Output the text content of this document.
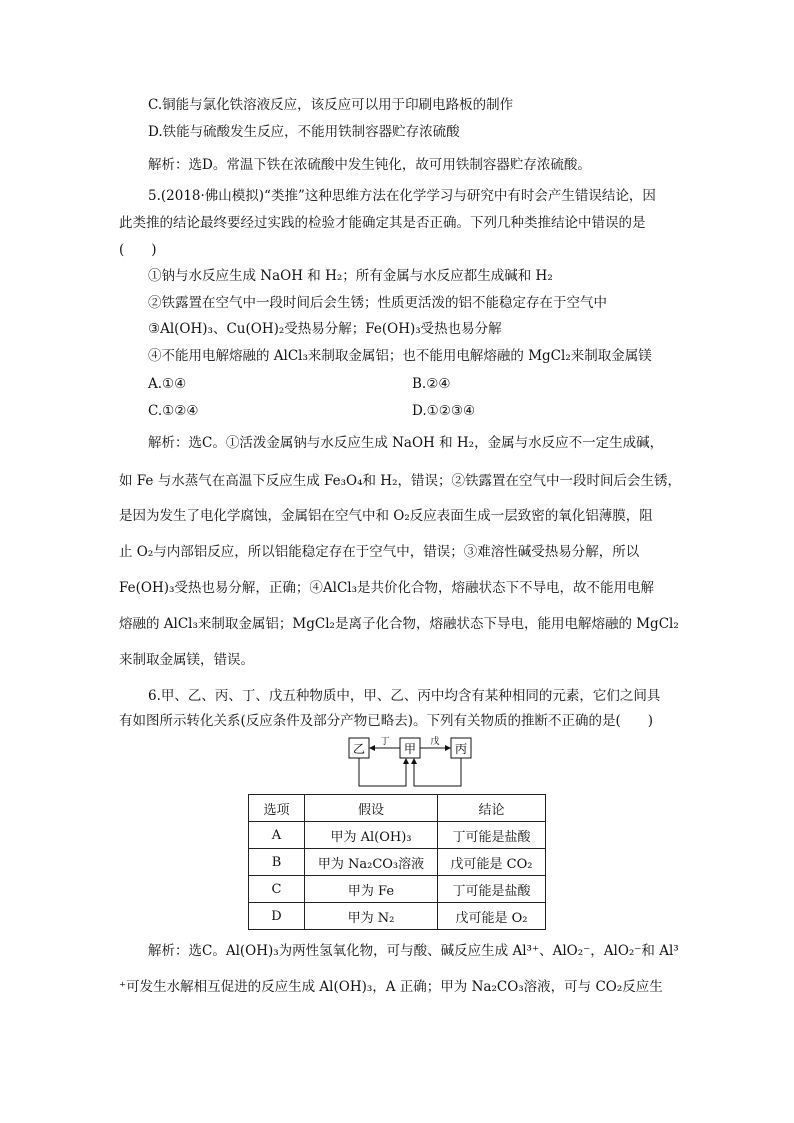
C.铜能与氯化铁溶液反应，该反应可以用于印刷电路板的制作
D.铁能与硫酸发生反应，不能用铁制容器贮存浓硫酸
解析：选D。常温下铁在浓硫酸中发生钝化，故可用铁制容器贮存浓硫酸。
5.(2018·佛山模拟)“类推”这种思维方法在化学学习与研究中有时会产生错误结论，因
此类推的结论最终要经过实践的检验才能确定其是否正确。下列几种类推结论中错误的是
(　　)
①钠与水反应生成 NaOH 和 H₂；所有金属与水反应都生成碱和 H₂
②铁露置在空气中一段时间后会生锈；性质更活泼的铝不能稳定存在于空气中
③Al(OH)₃、Cu(OH)₂受热易分解；Fe(OH)₃受热也易分解
④不能用电解熔融的 AlCl₃来制取金属铝；也不能用电解熔融的 MgCl₂来制取金属镁
A.①④	B.②④
C.①②④	D.①②③④
解析：选C。①活泼金属钠与水反应生成 NaOH 和 H₂，金属与水反应不一定生成碱，
如 Fe 与水蒸气在高温下反应生成 Fe₃O₄和 H₂，错误；②铁露置在空气中一段时间后会生锈，
是因为发生了电化学腐蚀，金属铝在空气中和 O₂反应表面生成一层致密的氧化铝薄膜，阻
止 O₂与内部铝反应，所以铝能稳定存在于空气中，错误；③难溶性碱受热易分解，所以
Fe(OH)₃受热也易分解，正确；④AlCl₃是共价化合物，熔融状态下不导电，故不能用电解
熔融的 AlCl₃来制取金属铝；MgCl₂是离子化合物，熔融状态下导电，能用电解熔融的 MgCl₂
来制取金属镁，错误。
6.甲、乙、丙、丁、戊五种物质中，甲、乙、丙中均含有某种相同的元素，它们之间具
有如图所示转化关系(反应条件及部分产物已略去)。下列有关物质的推断不正确的是(　　)
乙	甲	丙
丁	戊
选项	假设	结论
A	甲为 Al(OH)₃	丁可能是盐酸
B	甲为 Na₂CO₃溶液	戊可能是 CO₂
C	甲为 Fe	丁可能是盐酸
D	甲为 N₂	戊可能是 O₂
解析：选C。Al(OH)₃为两性氢氧化物，可与酸、碱反应生成 Al³⁺、AlO₂⁻，AlO₂⁻和 Al³
⁺可发生水解相互促进的反应生成 Al(OH)₃，A 正确；甲为 Na₂CO₃溶液，可与 CO₂反应生
